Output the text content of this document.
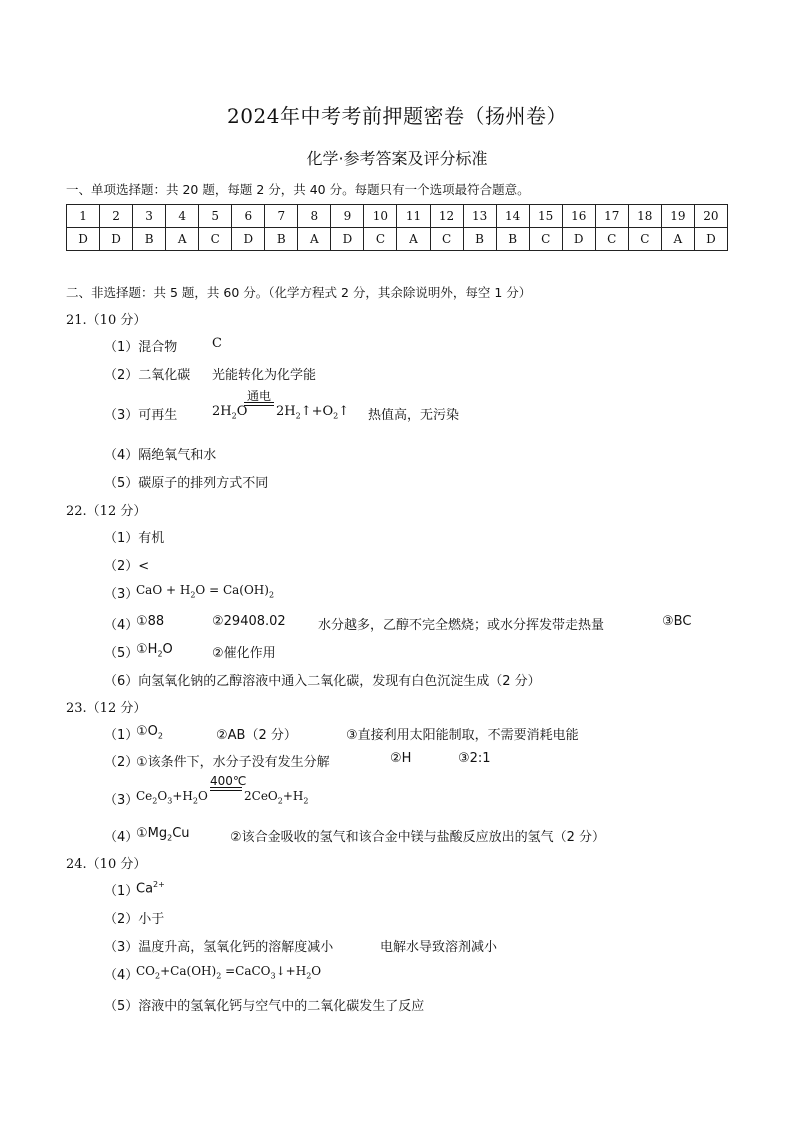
2024年中考考前押题密卷（扬州卷）
化学·参考答案及评分标准
一、单项选择题：共 20 题，每题 2 分，共 40 分。每题只有一个选项最符合题意。
1	2	3	4	5	6	7	8	9	10	11	12	13	14	15	16	17	18	19	20
D	D	B	A	C	D	B	A	D	C	A	C	B	B	C	D	C	C	A	D
二、非选择题：共 5 题，共 60 分。（化学方程式 2 分，其余除说明外，每空 1 分）
21.（10 分）
（1）混合物	C
（2）二氧化碳 光能转化为化学能
（3）可再生	$2H_2O$
通电
$2H_2↑+O_2↑$ 热值高，无污染
（4）隔绝氧气和水
（5）碳原子的排列方式不同
22.（12 分）
（1）有机
（2）<
（3）
CaO + $H_2O = Ca(OH)_2$
（4）
①88	②29408.02 水分越多，乙醇不完全燃烧；或水分挥发带走热量	③BC
（5）
$①H_2O$	②催化作用
（6）向氢氧化钠的乙醇溶液中通入二氧化碳，发现有白色沉淀生成（2 分）
23.（12 分）
（1）
$①O_2$	②AB（2 分）	③直接利用太阳能制取，不需要消耗电能
（2）
①该条件下，水分子没有发生分解	②H	③2:1
（3）
$Ce_2O_3+H_2O$
400℃
$2CeO_2+H_2$
（4）
$①Mg_2Cu$	②该合金吸收的氢气和该合金中镁与盐酸反应放出的氢气（2 分）
24.（10 分）
（1）
$Ca^{2+}$
（2）小于
（3）温度升高，氢氧化钙的溶解度减小	电解水导致溶剂减小
（4）
$CO_2+Ca(OH)_2$ $=CaCO_3↓+H_2O$
（5）溶液中的氢氧化钙与空气中的二氧化碳发生了反应
